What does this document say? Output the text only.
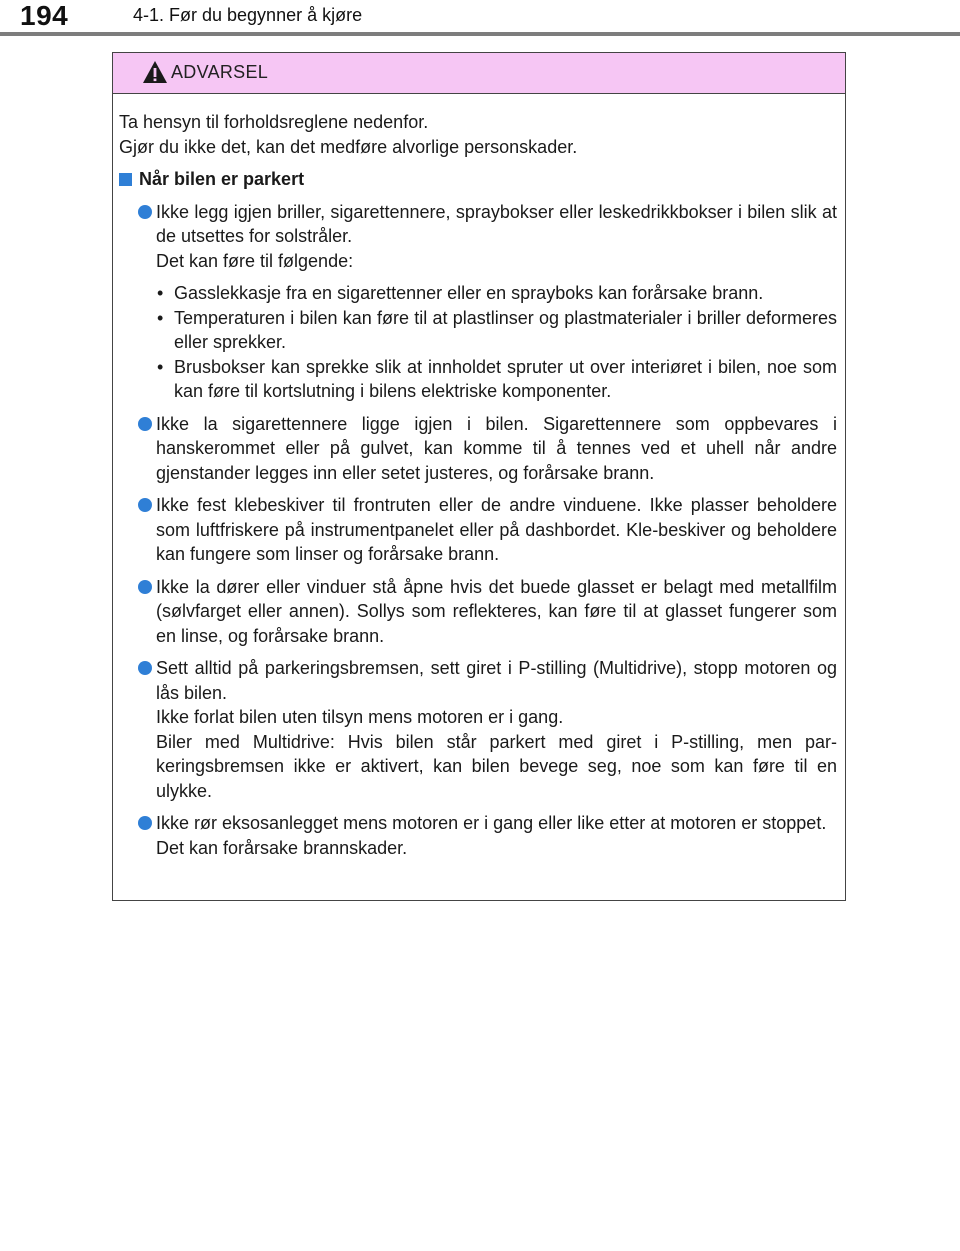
194	4-1. Før du begynner å kjøre
ADVARSEL

Ta hensyn til forholdsreglene nedenfor.

Gjør du ikke det, kan det medføre alvorlige personskader.

Når bilen er parkert

Ikke legg igjen briller, sigarettennere, spraybokser eller leskedrikkbokser i bilen slik at de utsettes for solstråler.

Det kan føre til følgende:

• Gasslekkasje fra en sigarettenner eller en sprayboks kan forårsake brann.
• Temperaturen i bilen kan føre til at plastlinser og plastmaterialer i briller deformeres eller sprekker.
• Brusbokser kan sprekke slik at innholdet spruter ut over interiøret i bilen, noe som kan føre til kortslutning i bilens elektriske komponenter.

Ikke la sigarettennere ligge igjen i bilen. Sigarettennere som oppbevares i hanskerommet eller på gulvet, kan komme til å tennes ved et uhell når andre gjenstander legges inn eller setet justeres, og forårsake brann.

Ikke fest klebeskiver til frontruten eller de andre vinduene. Ikke plasser beholdere som luftfriskere på instrumentpanelet eller på dashbordet. Kle-beskiver og beholdere kan fungere som linser og forårsake brann.

Ikke la dører eller vinduer stå åpne hvis det buede glasset er belagt med metallfilm (sølvfarget eller annen). Sollys som reflekteres, kan føre til at glasset fungerer som en linse, og forårsake brann.

Sett alltid på parkeringsbremsen, sett giret i P-stilling (Multidrive), stopp motoren og lås bilen.

Ikke forlat bilen uten tilsyn mens motoren er i gang.

Biler med Multidrive: Hvis bilen står parkert med giret i P-stilling, men par-keringsbremsen ikke er aktivert, kan bilen bevege seg, noe som kan føre til en ulykke.

Ikke rør eksosanlegget mens motoren er i gang eller like etter at motoren er stoppet.

Det kan forårsake brannskader.
